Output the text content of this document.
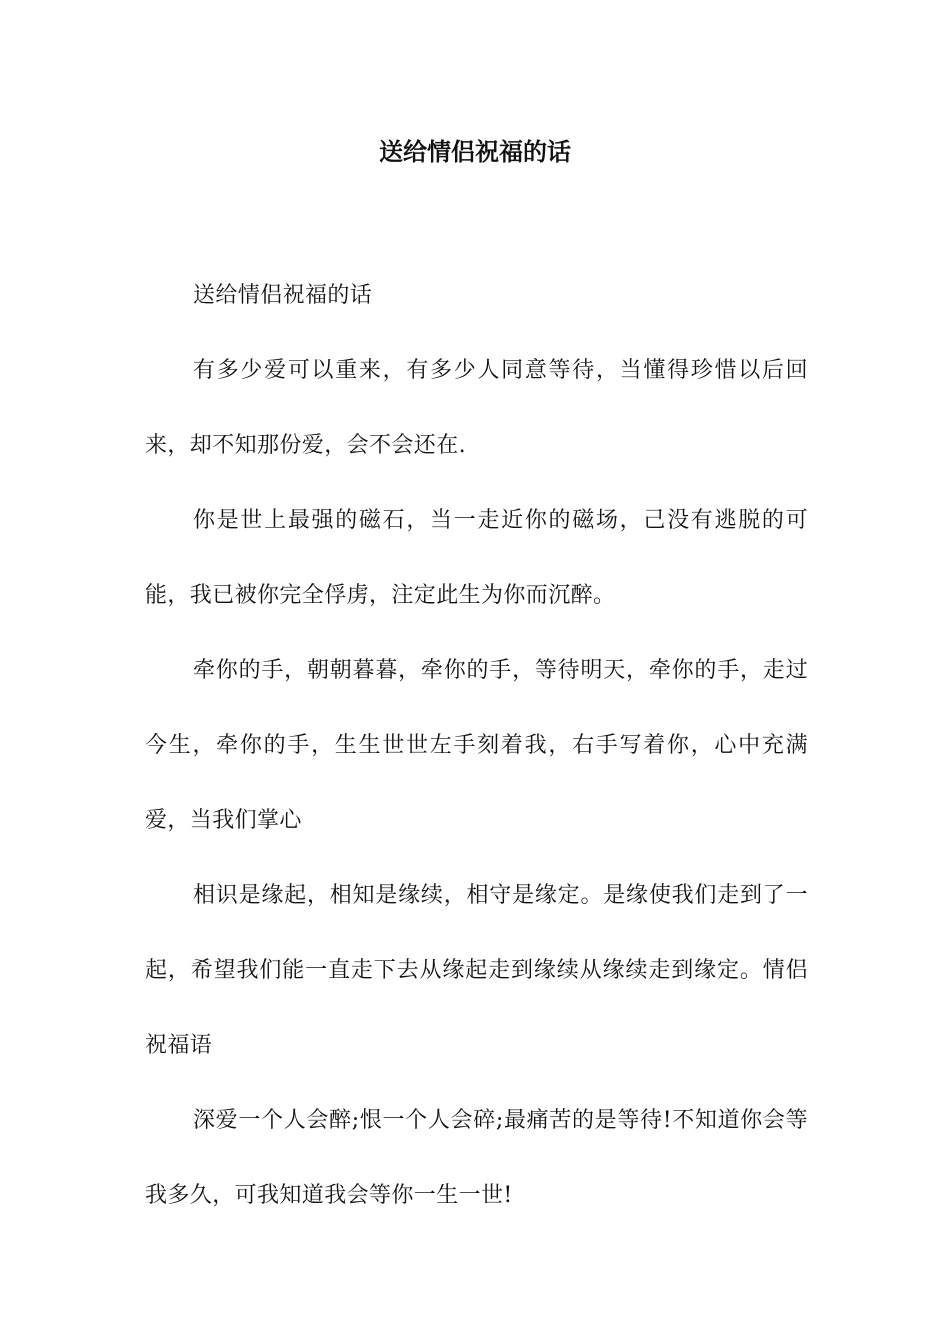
送给情侣祝福的话

送给情侣祝福的话

有多少爱可以重来，有多少人同意等待，当懂得珍惜以后回来，却不知那份爱，会不会还在.

你是世上最强的磁石，当一走近你的磁场，己没有逃脱的可能，我已被你完全俘虏，注定此生为你而沉醉。

牵你的手，朝朝暮暮，牵你的手，等待明天，牵你的手，走过今生，牵你的手，生生世世左手刻着我，右手写着你，心中充满爱，当我们掌心

相识是缘起，相知是缘续，相守是缘定。是缘使我们走到了一起，希望我们能一直走下去从缘起走到缘续从缘续走到缘定。情侣祝福语

深爱一个人会醉;恨一个人会碎;最痛苦的是等待!不知道你会等我多久，可我知道我会等你一生一世!
